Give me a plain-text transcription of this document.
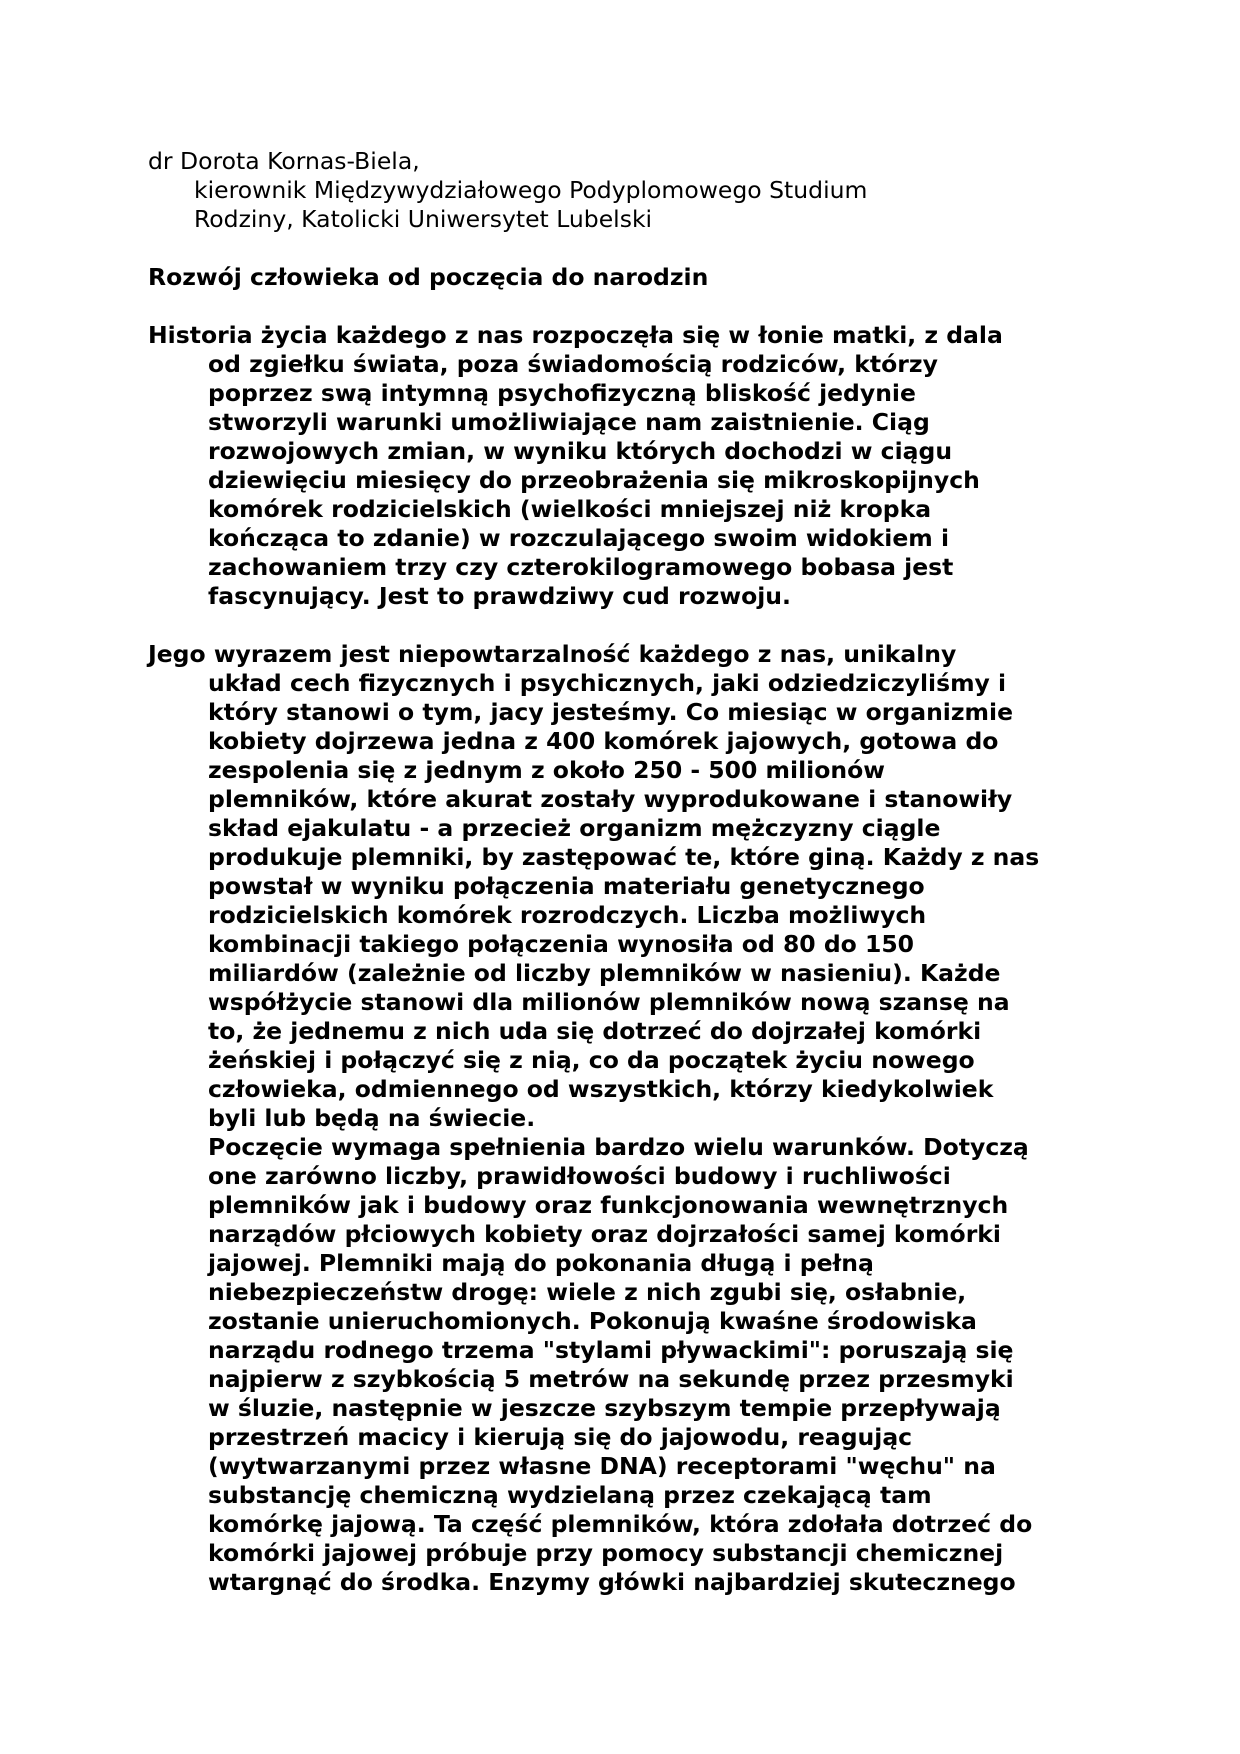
dr Dorota Kornas-Biela,
kierownik Międzywydziałowego Podyplomowego Studium
Rodziny, Katolicki Uniwersytet Lubelski
Rozwój człowieka od poczęcia do narodzin
Historia życia każdego z nas rozpoczęła się w łonie matki, z dala
od zgiełku świata, poza świadomością rodziców, którzy
poprzez swą intymną psychofizyczną bliskość jedynie
stworzyli warunki umożliwiające nam zaistnienie. Ciąg
rozwojowych zmian, w wyniku których dochodzi w ciągu
dziewięciu miesięcy do przeobrażenia się mikroskopijnych
komórek rodzicielskich (wielkości mniejszej niż kropka
kończąca to zdanie) w rozczulającego swoim widokiem i
zachowaniem trzy czy czterokilogramowego bobasa jest
fascynujący. Jest to prawdziwy cud rozwoju.
Jego wyrazem jest niepowtarzalność każdego z nas, unikalny
układ cech fizycznych i psychicznych, jaki odziedziczyliśmy i
który stanowi o tym, jacy jesteśmy. Co miesiąc w organizmie
kobiety dojrzewa jedna z 400 komórek jajowych, gotowa do
zespolenia się z jednym z około 250 - 500 milionów
plemników, które akurat zostały wyprodukowane i stanowiły
skład ejakulatu - a przecież organizm mężczyzny ciągle
produkuje plemniki, by zastępować te, które giną. Każdy z nas
powstał w wyniku połączenia materiału genetycznego
rodzicielskich komórek rozrodczych. Liczba możliwych
kombinacji takiego połączenia wynosiła od 80 do 150
miliardów (zależnie od liczby plemników w nasieniu). Każde
współżycie stanowi dla milionów plemników nową szansę na
to, że jednemu z nich uda się dotrzeć do dojrzałej komórki
żeńskiej i połączyć się z nią, co da początek życiu nowego
człowieka, odmiennego od wszystkich, którzy kiedykolwiek
byli lub będą na świecie.
Poczęcie wymaga spełnienia bardzo wielu warunków. Dotyczą
one zarówno liczby, prawidłowości budowy i ruchliwości
plemników jak i budowy oraz funkcjonowania wewnętrznych
narządów płciowych kobiety oraz dojrzałości samej komórki
jajowej. Plemniki mają do pokonania długą i pełną
niebezpieczeństw drogę: wiele z nich zgubi się, osłabnie,
zostanie unieruchomionych. Pokonują kwaśne środowiska
narządu rodnego trzema "stylami pływackimi": poruszają się
najpierw z szybkością 5 metrów na sekundę przez przesmyki
w śluzie, następnie w jeszcze szybszym tempie przepływają
przestrzeń macicy i kierują się do jajowodu, reagując
(wytwarzanymi przez własne DNA) receptorami "węchu" na
substancję chemiczną wydzielaną przez czekającą tam
komórkę jajową. Ta część plemników, która zdołała dotrzeć do
komórki jajowej próbuje przy pomocy substancji chemicznej
wtargnąć do środka. Enzymy główki najbardziej skutecznego
